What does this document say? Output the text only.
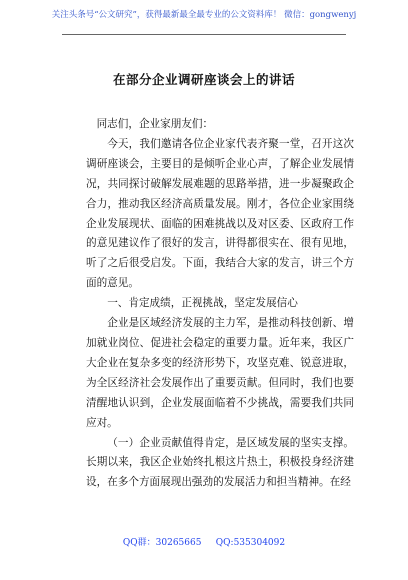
关注头条号“公文研究”，获得最新最全最专业的公文资料库！ 微信：gongwenyj
在部分企业调研座谈会上的讲话

同志们，企业家朋友们：

今天，我们邀请各位企业家代表齐聚一堂，召开这次调研座谈会，主要目的是倾听企业心声，了解企业发展情况，共同探讨破解发展难题的思路举措，进一步凝聚政企合力，推动我区经济高质量发展。刚才，各位企业家围绕企业发展现状、面临的困难挑战以及对区委、区政府工作的意见建议作了很好的发言，讲得都很实在、很有见地，听了之后很受启发。下面，我结合大家的发言，讲三个方面的意见。

一、肯定成绩，正视挑战，坚定发展信心

企业是区域经济发展的主力军，是推动科技创新、增加就业岗位、促进社会稳定的重要力量。近年来，我区广大企业在复杂多变的经济形势下，攻坚克难、锐意进取，为全区经济社会发展作出了重要贡献。但同时，我们也要清醒地认识到，企业发展面临着不少挑战，需要我们共同应对。

（一）企业贡献值得肯定，是区域发展的坚实支撑。长期以来，我区企业始终扎根这片热土，积极投身经济建设，在多个方面展现出强劲的发展活力和担当精神。在经

QQ群：30265665 QQ:535304092
